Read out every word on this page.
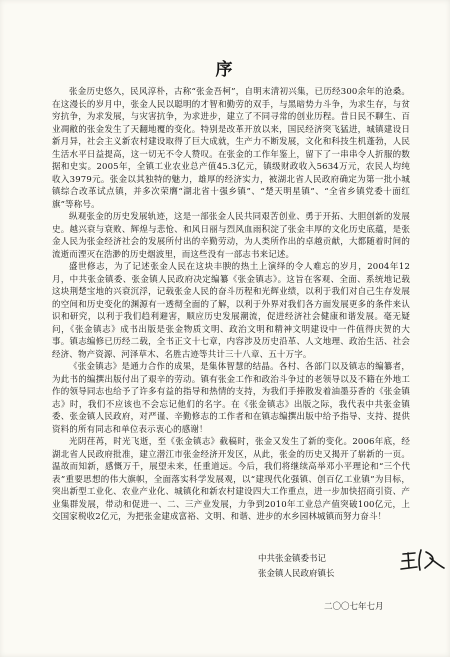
序

张金历史悠久，民风淳朴，古称“张金吾柯”，自明末清初兴集，已历经300余年的沧桑。在这漫长的岁月中，张金人民以聪明的才智和勤劳的双手，与黑暗势力斗争，为求生存，与贫穷抗争，为求发展，与灾害抗争，为求进步，建立了不同寻常的创业历程。昔日民不聊生、百业凋敝的张金发生了天翻地覆的变化。特别是改革开放以来，国民经济突飞猛进，城镇建设日新月异，社会主义新农村建设取得了巨大成就，生产力不断发展，文化和科技生机蓬勃，人民生活水平日益提高，这一切无不令人赞叹。在张金的工作年鉴上，留下了一串串令人折服的数据和史实。2005年，全镇工业农业总产值45.3亿元，镇级财政收入5634万元，农民人均纯收入3979元。张金以其独特的魅力，雄厚的经济实力，被湖北省人民政府确定为第一批小城镇综合改革试点镇，并多次荣膺“湖北省十强乡镇”、“楚天明星镇”、“全省乡镇党委十面红旗”等称号。

纵观张金的历史发展轨迹，这是一部张金人民共同艰苦创业、勇于开拓、大胆创新的发展史。越兴衰与衰败、辉煌与悲怆、和风日丽与烈风血雨积淀了张金丰厚的文化历史底蕴，是张金人民为张金经济社会的发展所付出的辛勤劳动，为人类所作出的卓越贡献，大都随着时间的流逝而湮灭在浩渺的历史烟波里，而这些没有一部志书来记述。

盛世修志，为了记述张金人民在这块丰腴的热土上演绎的令人难忘的岁月，2004年12月，中共张金镇委、张金镇人民政府决定编纂《张金镇志》。这旨在客观、全面、系统地记载这块荆楚宝地的兴衰沉浮，记载张金人民的奋斗历程和光辉业绩，以利于我们对自己生存发展的空间和历史变化的渊源有一透彻全面的了解，以利于外界对我们各方面发展更多的条件来认识和研究，以利于我们趋利避害，顺应历史发展潮流，促进经济社会健康和谐发展。毫无疑问，《张金镇志》成书出版是张金物质文明、政治文明和精神文明建设中一件值得庆贺的大事。镇志编修已历经二载，全书正文十七章，内容涉及历史沿革、人文地理、政治生活、社会经济、物产资源、河泽草木、名胜古迹等共计三十八章、五十万字。

《张金镇志》是通力合作的成果，是集体智慧的结晶。各村、各部门以及镇志的编纂者，为此书的编撰出版付出了艰辛的劳动。镇有张金工作和政治斗争过的老领导以及不籍在外地工作的领导同志也给予了许多有益的指导和热情的支持，为我们手捧散发着油墨芬香的《张金镇志》时，我们不应该也不会忘记他们的名字。在《张金镇志》出版之际，我代表中共张金镇委、张金镇人民政府，对严谨、辛勤修志的工作者和在镇志编撰出版中给予指导、支持、提供资料的所有同志和单位表示衷心的感谢！

光阴荏苒，时光飞逝，至《张金镇志》截稿时，张金又发生了新的变化。2006年底，经湖北省人民政府批准，建立潜江市张金经济开发区，从此，张金的历史又揭开了崭新的一页。温故而知新，感慨万千，展望未来，任重道远。今后，我们将继续高举邓小平理论和“三个代表”重要思想的伟大旗帜，全面落实科学发展观，以“建现代化强镇、创百亿工业镇”为目标，突出新型工业化、农业产业化、城镇化和新农村建设四大工作重点，进一步加快招商引资、产业集群发展，带动和促进一、二、三产业发展，力争到2010年工业总产值突破100亿元，上交国家税收2亿元，为把张金建成富裕、文明、和谐、进步的水乡园林城镇而努力奋斗！

中共张金镇委书记
张金镇人民政府镇长
二〇〇七年七月
